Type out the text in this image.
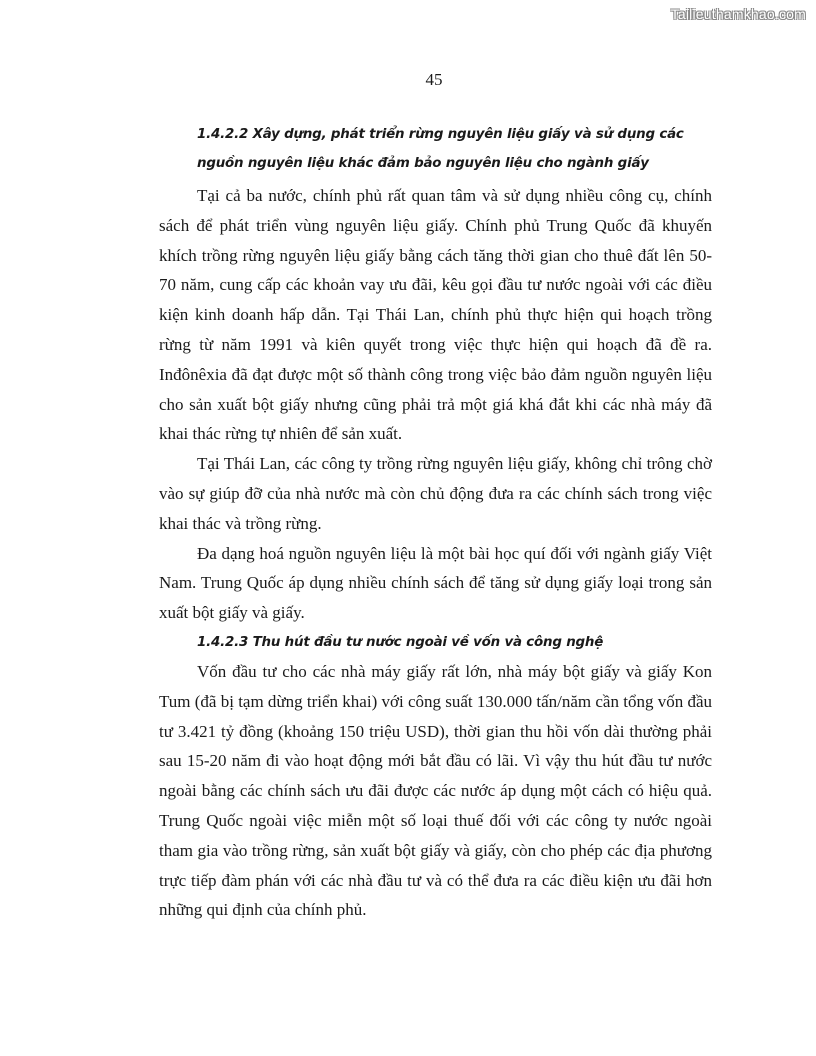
Tailieuthamkhao.com
45

1.4.2.2 Xây dựng, phát triển rừng nguyên liệu giấy và sử dụng các nguồn nguyên liệu khác đảm bảo nguyên liệu cho ngành giấy

Tại cả ba nước, chính phủ rất quan tâm và sử dụng nhiều công cụ, chính sách để phát triển vùng nguyên liệu giấy. Chính phủ Trung Quốc đã khuyến khích trồng rừng nguyên liệu giấy bằng cách tăng thời gian cho thuê đất lên 50-70 năm, cung cấp các khoản vay ưu đãi, kêu gọi đầu tư nước ngoài với các điều kiện kinh doanh hấp dẫn. Tại Thái Lan, chính phủ thực hiện qui hoạch trồng rừng từ năm 1991 và kiên quyết trong việc thực hiện qui hoạch đã đề ra. Inđônêxia đã đạt được một số thành công trong việc bảo đảm nguồn nguyên liệu cho sản xuất bột giấy nhưng cũng phải trả một giá khá đắt khi các nhà máy đã khai thác rừng tự nhiên để sản xuất.

Tại Thái Lan, các công ty trồng rừng nguyên liệu giấy, không chỉ trông chờ vào sự giúp đỡ của nhà nước mà còn chủ động đưa ra các chính sách trong việc khai thác và trồng rừng.

Đa dạng hoá nguồn nguyên liệu là một bài học quí đối với ngành giấy Việt Nam. Trung Quốc áp dụng nhiều chính sách để tăng sử dụng giấy loại trong sản xuất bột giấy và giấy.

1.4.2.3 Thu hút đầu tư nước ngoài về vốn và công nghệ

Vốn đầu tư cho các nhà máy giấy rất lớn, nhà máy bột giấy và giấy Kon Tum (đã bị tạm dừng triển khai) với công suất 130.000 tấn/năm cần tổng vốn đầu tư 3.421 tỷ đồng (khoảng 150 triệu USD), thời gian thu hồi vốn dài thường phải sau 15-20 năm đi vào hoạt động mới bắt đầu có lãi. Vì vậy thu hút đầu tư nước ngoài bằng các chính sách ưu đãi được các nước áp dụng một cách có hiệu quả. Trung Quốc ngoài việc miễn một số loại thuế đối với các công ty nước ngoài tham gia vào trồng rừng, sản xuất bột giấy và giấy, còn cho phép các địa phương trực tiếp đàm phán với các nhà đầu tư và có thể đưa ra các điều kiện ưu đãi hơn những qui định của chính phủ.
